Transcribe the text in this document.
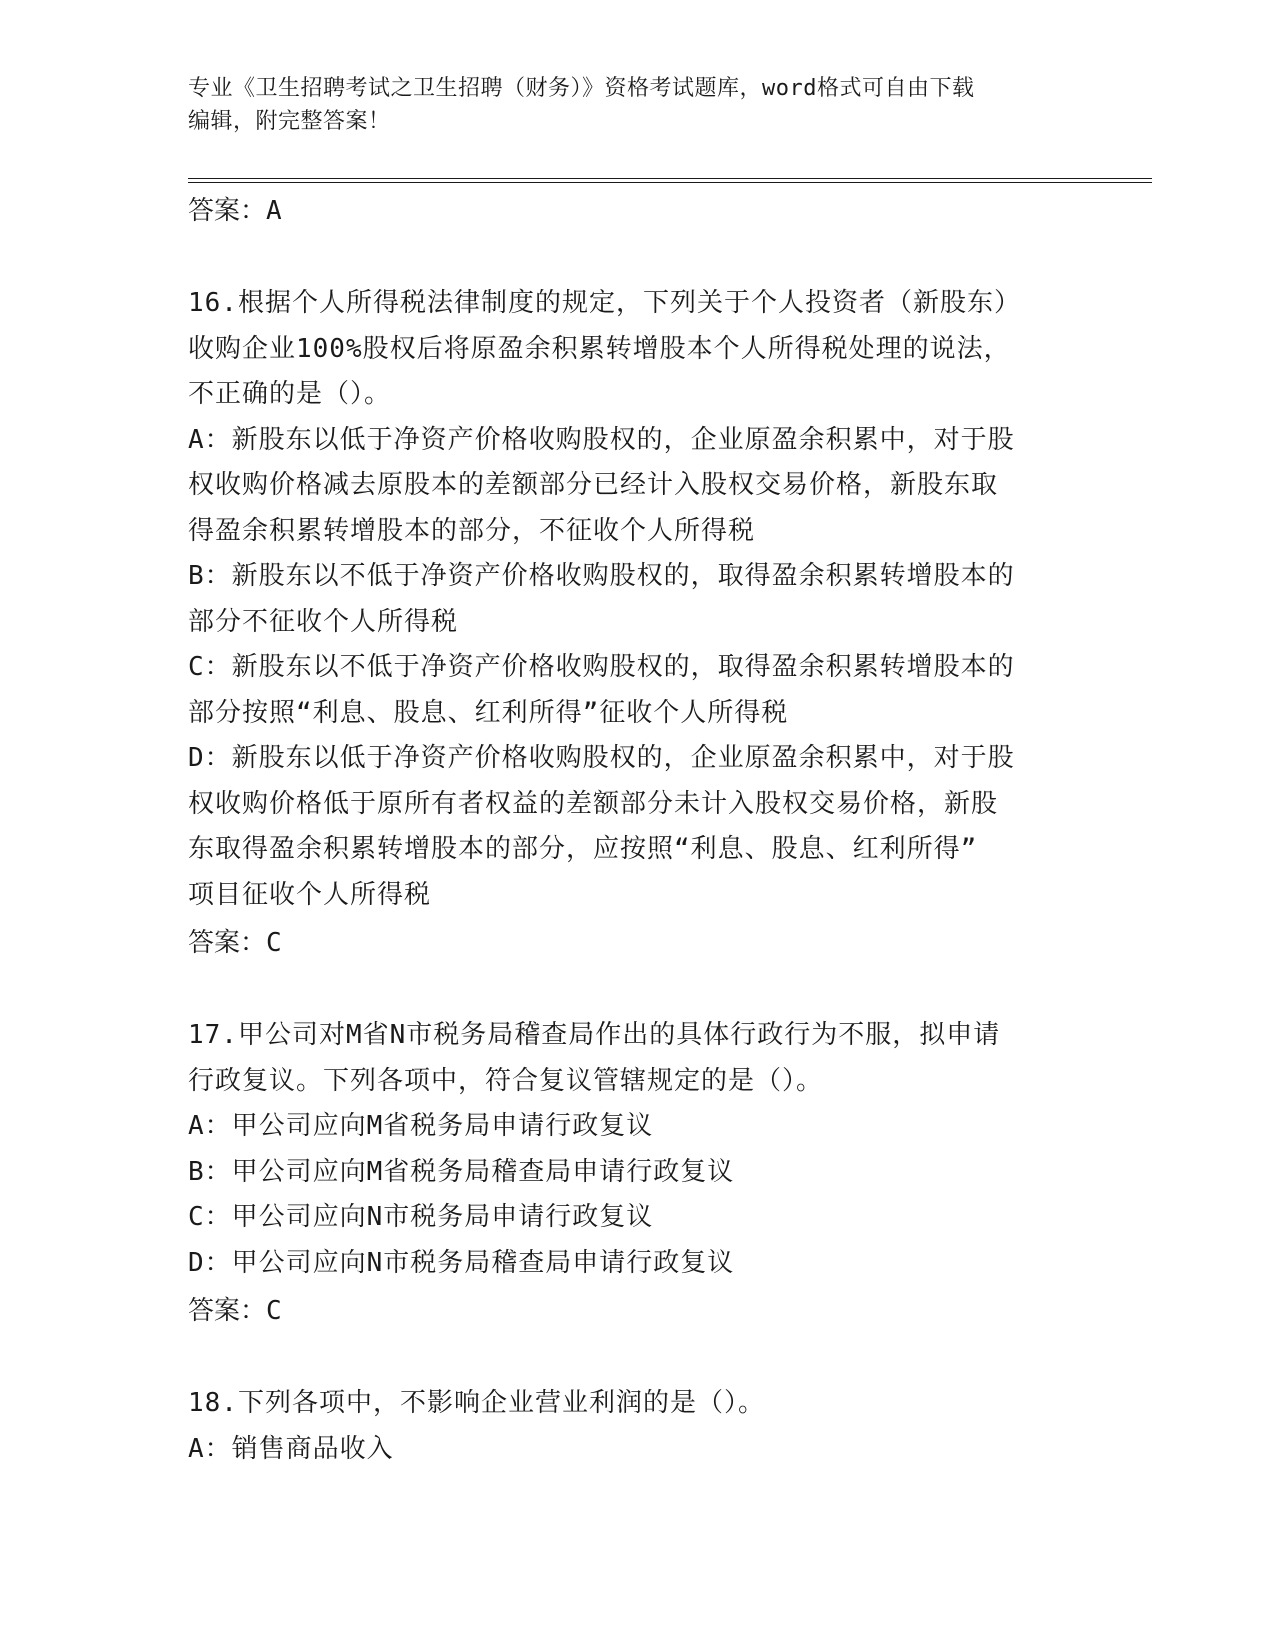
专业《卫生招聘考试之卫生招聘（财务）》资格考试题库，word格式可自由下载
编辑，附完整答案！

答案：A

16.根据个人所得税法律制度的规定，下列关于个人投资者（新股东）

收购企业100%股权后将原盈余积累转增股本个人所得税处理的说法，

不正确的是（）。

A：新股东以低于净资产价格收购股权的，企业原盈余积累中，对于股

权收购价格减去原股本的差额部分已经计入股权交易价格，新股东取

得盈余积累转增股本的部分，不征收个人所得税

B：新股东以不低于净资产价格收购股权的，取得盈余积累转增股本的

部分不征收个人所得税

C：新股东以不低于净资产价格收购股权的，取得盈余积累转增股本的

部分按照“利息、股息、红利所得”征收个人所得税

D：新股东以低于净资产价格收购股权的，企业原盈余积累中，对于股

权收购价格低于原所有者权益的差额部分未计入股权交易价格，新股

东取得盈余积累转增股本的部分，应按照“利息、股息、红利所得”

项目征收个人所得税

答案：C

17.甲公司对M省N市税务局稽查局作出的具体行政行为不服，拟申请

行政复议。下列各项中，符合复议管辖规定的是（）。

A：甲公司应向M省税务局申请行政复议

B：甲公司应向M省税务局稽查局申请行政复议

C：甲公司应向N市税务局申请行政复议

D：甲公司应向N市税务局稽查局申请行政复议

答案：C

18.下列各项中，不影响企业营业利润的是（）。

A：销售商品收入
